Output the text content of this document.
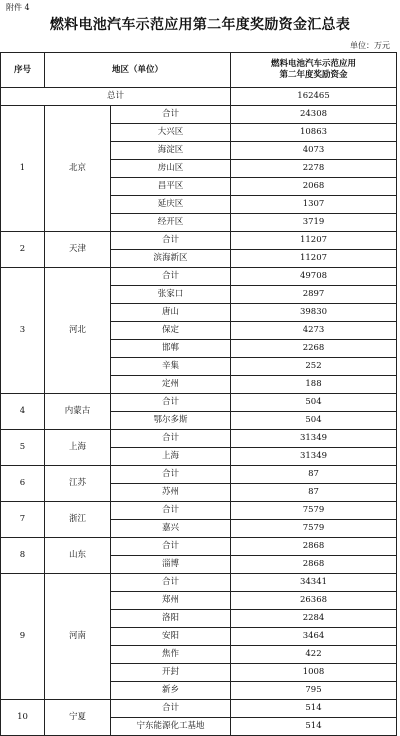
附件 4
燃料电池汽车示范应用第二年度奖励资金汇总表
单位：万元
序号	地区（单位）		燃料电池汽车示范应用
第二年度奖励资金

总计			162465
1	北京	合计	24308
		大兴区	10863
		海淀区	4073
		房山区	2278
		昌平区	2068
		延庆区	1307
		经开区	3719
2	天津	合计	11207
		滨海新区	11207
3	河北	合计	49708
		张家口	2897
		唐山	39830
		保定	4273
		邯郸	2268
		辛集	252
		定州	188
4	内蒙古	合计	504
		鄂尔多斯	504
5	上海	合计	31349
		上海	31349
6	江苏	合计	87
		苏州	87
7	浙江	合计	7579
		嘉兴	7579
8	山东	合计	2868
		淄博	2868
9	河南	合计	34341
		郑州	26368
		洛阳	2284
		安阳	3464
		焦作	422
		开封	1008
		新乡	795
10	宁夏	合计	514
		宁东能源化工基地	514
